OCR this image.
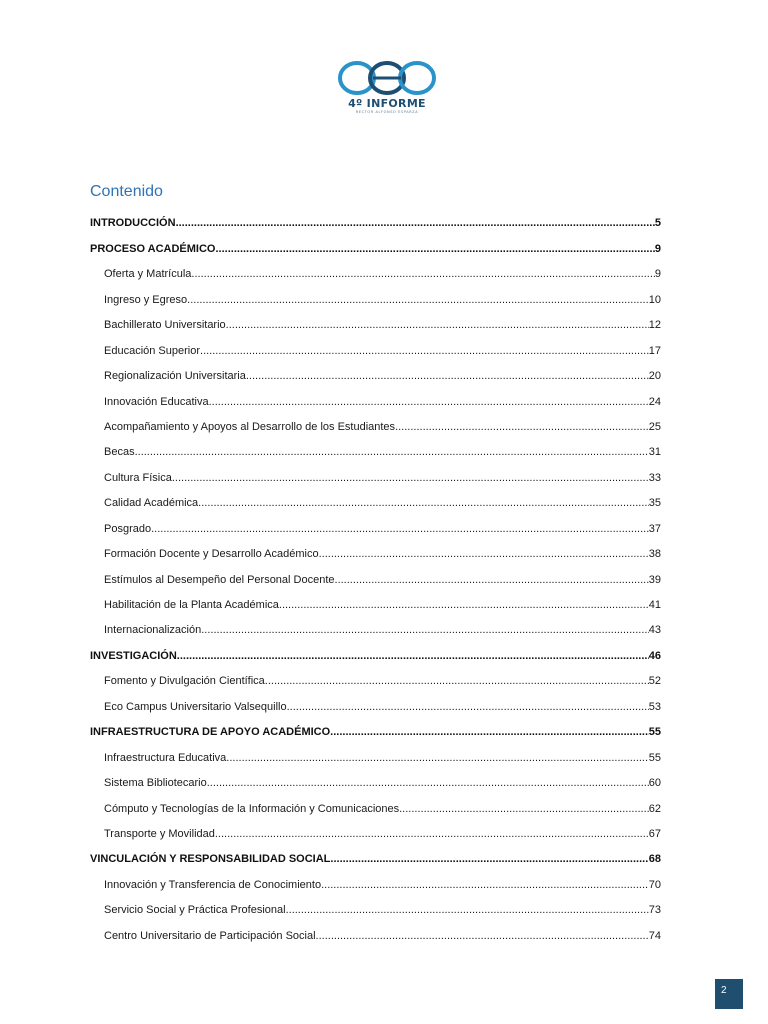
4º INFORME
RECTOR ALFONSO ESPARZA
Contenido
INTRODUCCIÓN .....	5
PROCESO ACADÉMICO .....	9
Oferta y Matrícula .....	9
Ingreso y Egreso .....	10
Bachillerato Universitario .....	12
Educación Superior .....	17
Regionalización Universitaria .....	20
Innovación Educativa .....	24
Acompañamiento y Apoyos al Desarrollo de los Estudiantes .....	25
Becas .....	31
Cultura Física .....	33
Calidad Académica .....	35
Posgrado .....	37
Formación Docente y Desarrollo Académico .....	38
Estímulos al Desempeño del Personal Docente .....	39
Habilitación de la Planta Académica .....	41
Internacionalización .....	43
INVESTIGACIÓN .....	46
Fomento y Divulgación Científica .....	52
Eco Campus Universitario Valsequillo .....	53
INFRAESTRUCTURA DE APOYO ACADÉMICO .....	55
Infraestructura Educativa .....	55
Sistema Bibliotecario .....	60
Cómputo y Tecnologías de la Información y Comunicaciones .....	62
Transporte y Movilidad .....	67
VINCULACIÓN Y RESPONSABILIDAD SOCIAL .....	68
Innovación y Transferencia de Conocimiento .....	70
Servicio Social y Práctica Profesional .....	73
Centro Universitario de Participación Social .....	74
2
